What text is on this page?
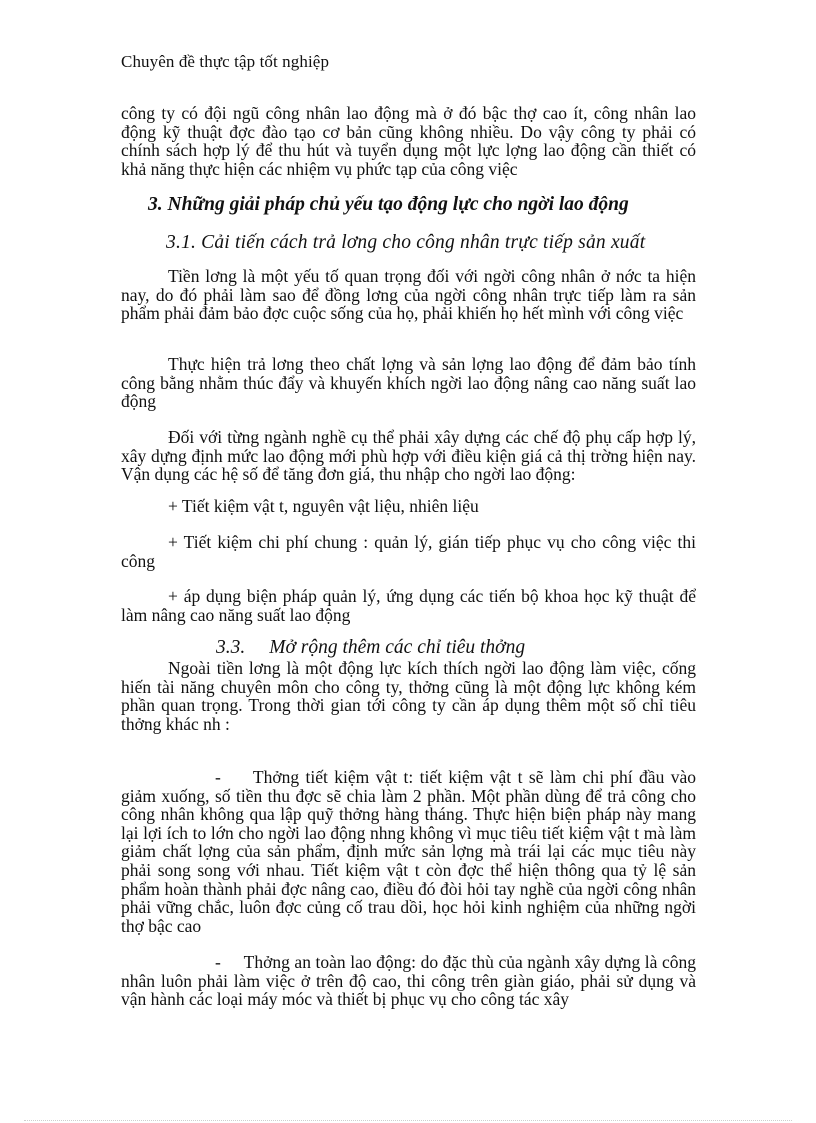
Chuyên đề thực tập tốt nghiệp

công ty có đội ngũ công nhân lao động mà ở đó bậc thợ cao ít, công nhân lao động kỹ thuật đợc đào tạo cơ bản cũng không nhiều. Do vậy công ty phải có chính sách hợp lý để thu hút và tuyển dụng một lực lợng lao động cần thiết có khả năng thực hiện các nhiệm vụ phức tạp của công việc

3. Những giải pháp chủ yếu tạo động lực cho ngời lao động
3.1. Cải tiến cách trả lơng cho công nhân trực tiếp sản xuất

Tiền lơng là một yếu tố quan trọng đối với ngời công nhân ở nớc ta hiện nay, do đó phải làm sao để đồng lơng của ngời công nhân trực tiếp làm ra sản phẩm phải đảm bảo đợc cuộc sống của họ, phải khiến họ hết mình với công việc

Thực hiện trả lơng theo chất lợng và sản lợng lao động để đảm bảo tính công bằng nhằm thúc đẩy và khuyến khích ngời lao động nâng cao năng suất lao động

Đối với từng ngành nghề cụ thể phải xây dựng các chế độ phụ cấp hợp lý, xây dựng định mức lao động mới phù hợp với điều kiện giá cả thị trờng hiện nay. Vận dụng các hệ số để tăng đơn giá, thu nhập cho ngời lao động:

+ Tiết kiệm vật t, nguyên vật liệu, nhiên liệu

+ Tiết kiệm chi phí chung : quản lý, gián tiếp phục vụ cho công việc thi công

+ áp dụng biện pháp quản lý, ứng dụng các tiến bộ khoa học kỹ thuật để làm nâng cao năng suất lao động

3.3. Mở rộng thêm các chỉ tiêu thởng

Ngoài tiền lơng là một động lực kích thích ngời lao động làm việc, cống hiến tài năng chuyên môn cho công ty, thởng cũng là một động lực không kém phần quan trọng. Trong thời gian tới công ty cần áp dụng thêm một số chỉ tiêu thởng khác nh :

- Thởng tiết kiệm vật t: tiết kiệm vật t sẽ làm chi phí đầu vào giảm xuống, số tiền thu đợc sẽ chia làm 2 phần. Một phần dùng để trả công cho công nhân không qua lập quỹ thởng hàng tháng. Thực hiện biện pháp này mang lại lợi ích to lớn cho ngời lao động nhng không vì mục tiêu tiết kiệm vật t mà làm giảm chất lợng của sản phẩm, định mức sản lợng mà trái lại các mục tiêu này phải song song với nhau. Tiết kiệm vật t còn đợc thể hiện thông qua tỷ lệ sản phẩm hoàn thành phải đợc nâng cao, điều đó đòi hỏi tay nghề của ngời công nhân phải vững chắc, luôn đợc củng cố trau dồi, học hỏi kinh nghiệm của những ngời thợ bậc cao

- Thởng an toàn lao động: do đặc thù của ngành xây dựng là công nhân luôn phải làm việc ở trên độ cao, thi công trên giàn giáo, phải sử dụng và vận hành các loại máy móc và thiết bị phục vụ cho công tác xây
